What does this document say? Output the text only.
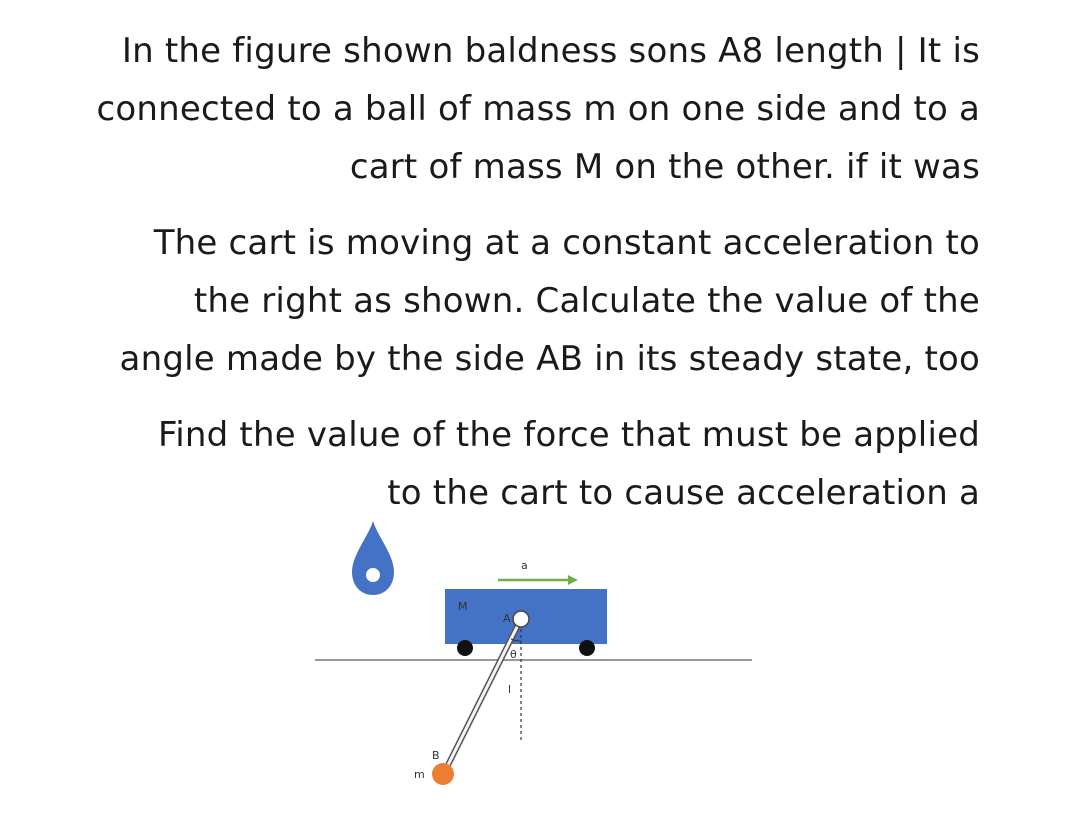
In the figure shown baldness sons A8 length | It is
connected to a ball of mass m on one side and to a
cart of mass M on the other. if it was
The cart is moving at a constant acceleration to
the right as shown. Calculate the value of the
angle made by the side AB in its steady state, too
Find the value of the force that must be applied
to the cart to cause acceleration a
a
M
A
θ
l
B
m
